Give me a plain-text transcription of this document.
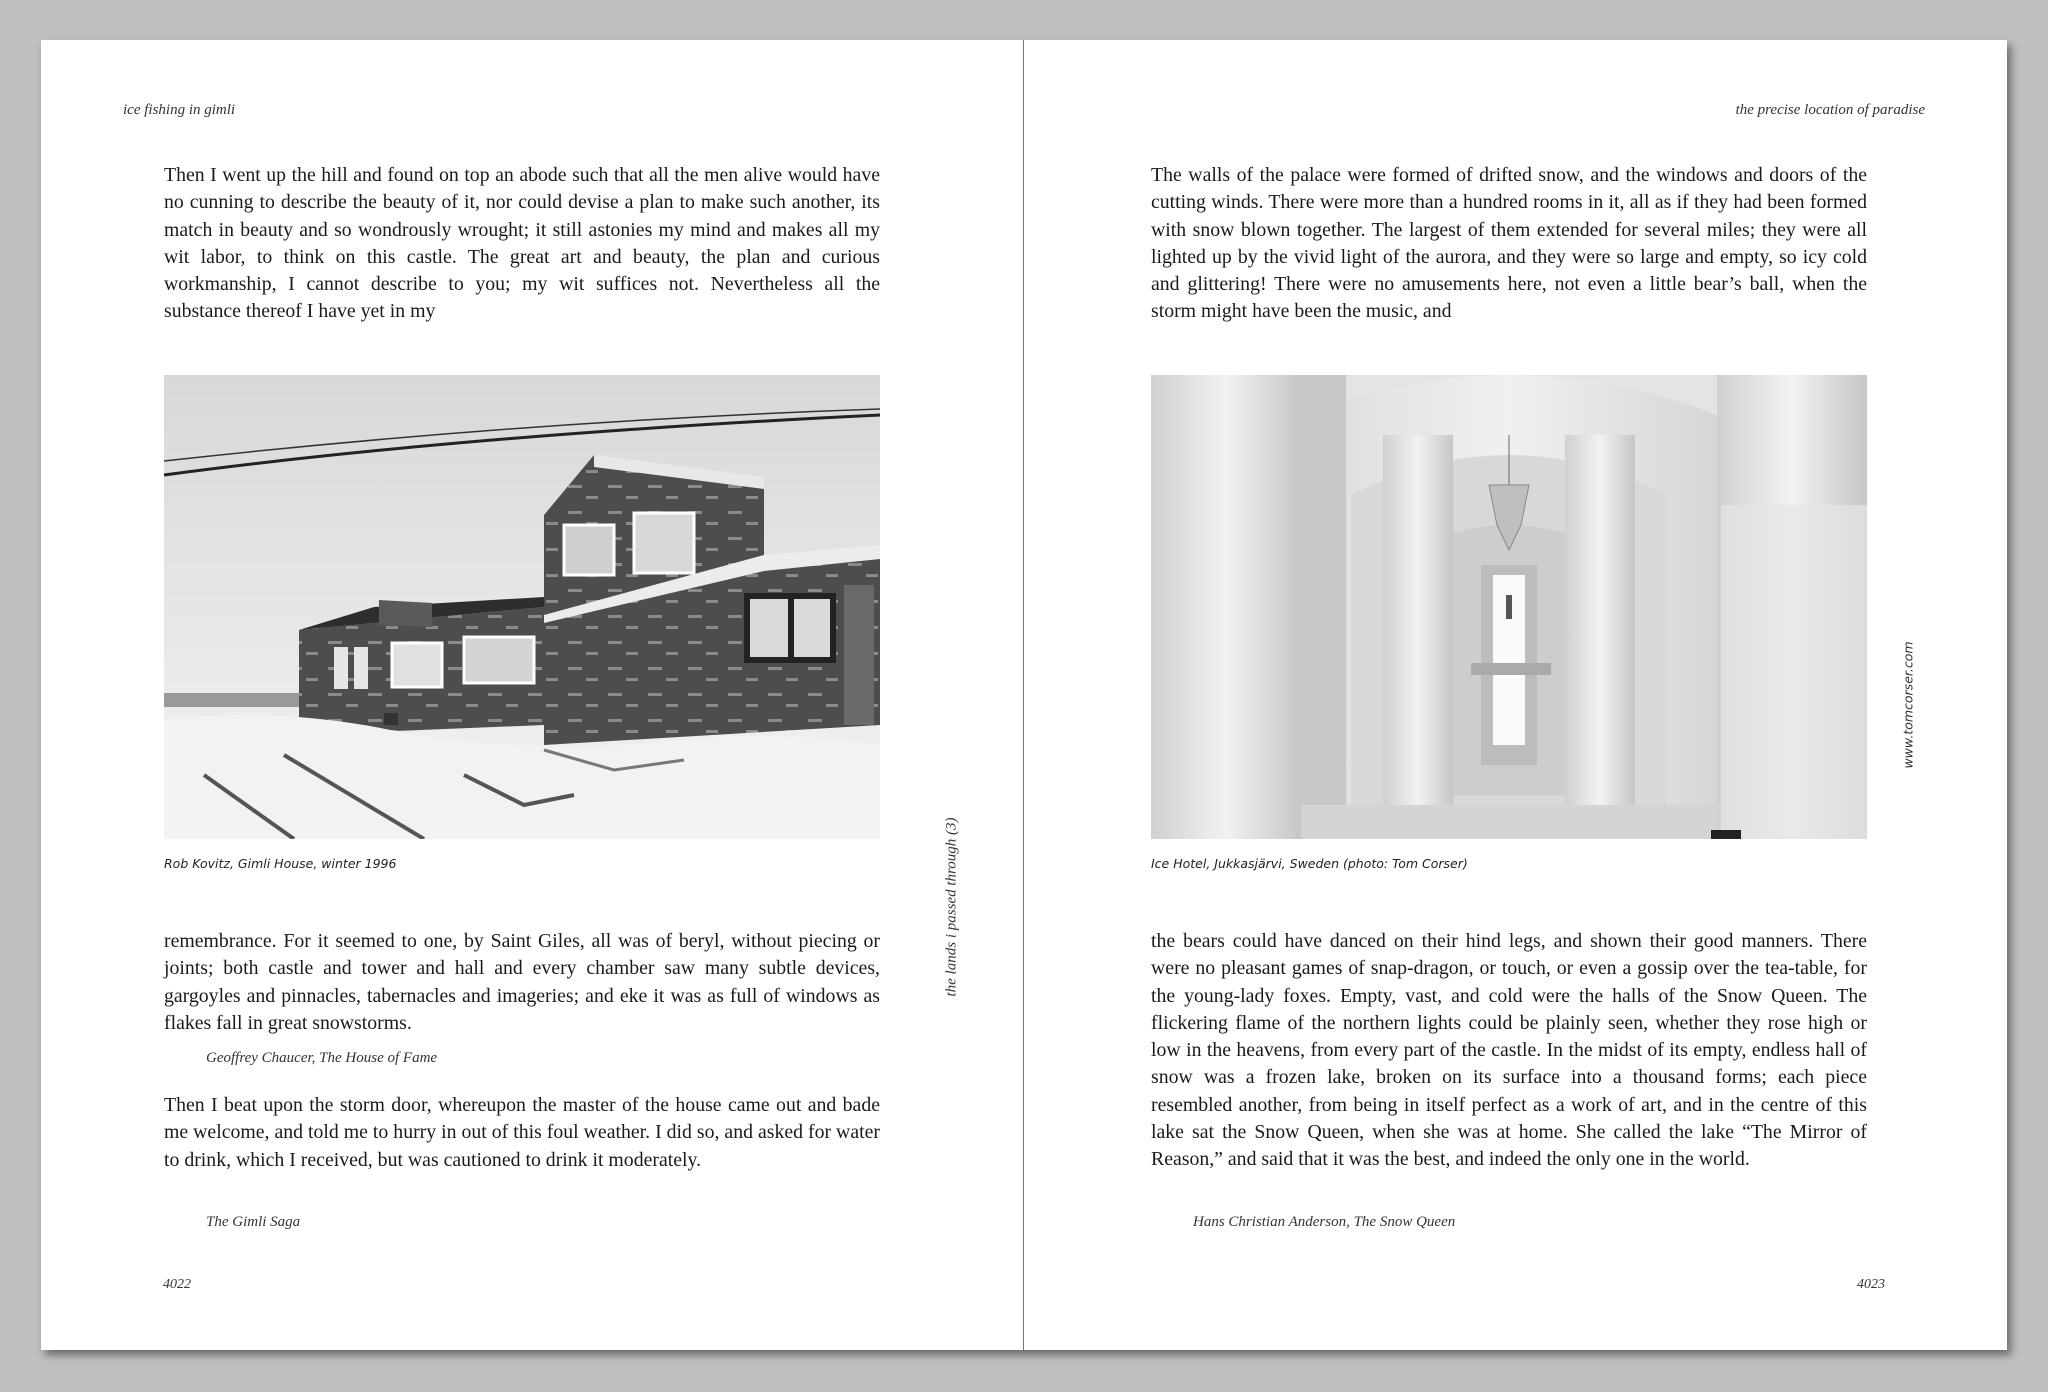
ice fishing in gimli

Then I went up the hill and found on top an abode such that all the men alive would have no cunning to describe the beauty of it, nor could devise a plan to make such another, its match in beauty and so wondrously wrought; it still astonies my mind and makes all my wit labor, to think on this castle. The great art and beauty, the plan and curious workmanship, I cannot describe to you; my wit suffices not. Nevertheless all the substance thereof I have yet in my

Rob Kovitz, Gimli House, winter 1996

remembrance. For it seemed to one, by Saint Giles, all was of beryl, without piecing or joints; both castle and tower and hall and every chamber saw many subtle devices, gargoyles and pinnacles, tabernacles and imageries; and eke it was as full of windows as flakes fall in great snowstorms.

Geoffrey Chaucer, The House of Fame

Then I beat upon the storm door, whereupon the master of the house came out and bade me welcome, and told me to hurry in out of this foul weather. I did so, and asked for water to drink, which I received, but was cautioned to drink it moderately.

The Gimli Saga
4022
the precise location of paradise

The walls of the palace were formed of drifted snow, and the windows and doors of the cutting winds. There were more than a hundred rooms in it, all as if they had been formed with snow blown together. The largest of them extended for several miles; they were all lighted up by the vivid light of the aurora, and they were so large and empty, so icy cold and glittering! There were no amusements here, not even a little bear’s ball, when the storm might have been the music, and

Ice Hotel, Jukkasjärvi, Sweden (photo: Tom Corser)

the bears could have danced on their hind legs, and shown their good manners. There were no pleasant games of snap-dragon, or touch, or even a gossip over the tea-table, for the young-lady foxes. Empty, vast, and cold were the halls of the Snow Queen. The flickering flame of the northern lights could be plainly seen, whether they rose high or low in the heavens, from every part of the castle. In the midst of its empty, endless hall of snow was a frozen lake, broken on its surface into a thousand forms; each piece resembled another, from being in itself perfect as a work of art, and in the centre of this lake sat the Snow Queen, when she was at home. She called the lake “The Mirror of Reason,” and said that it was the best, and indeed the only one in the world.

Hans Christian Anderson, The Snow Queen
4023
the lands i passed through (3)
www.tomcorser.com
